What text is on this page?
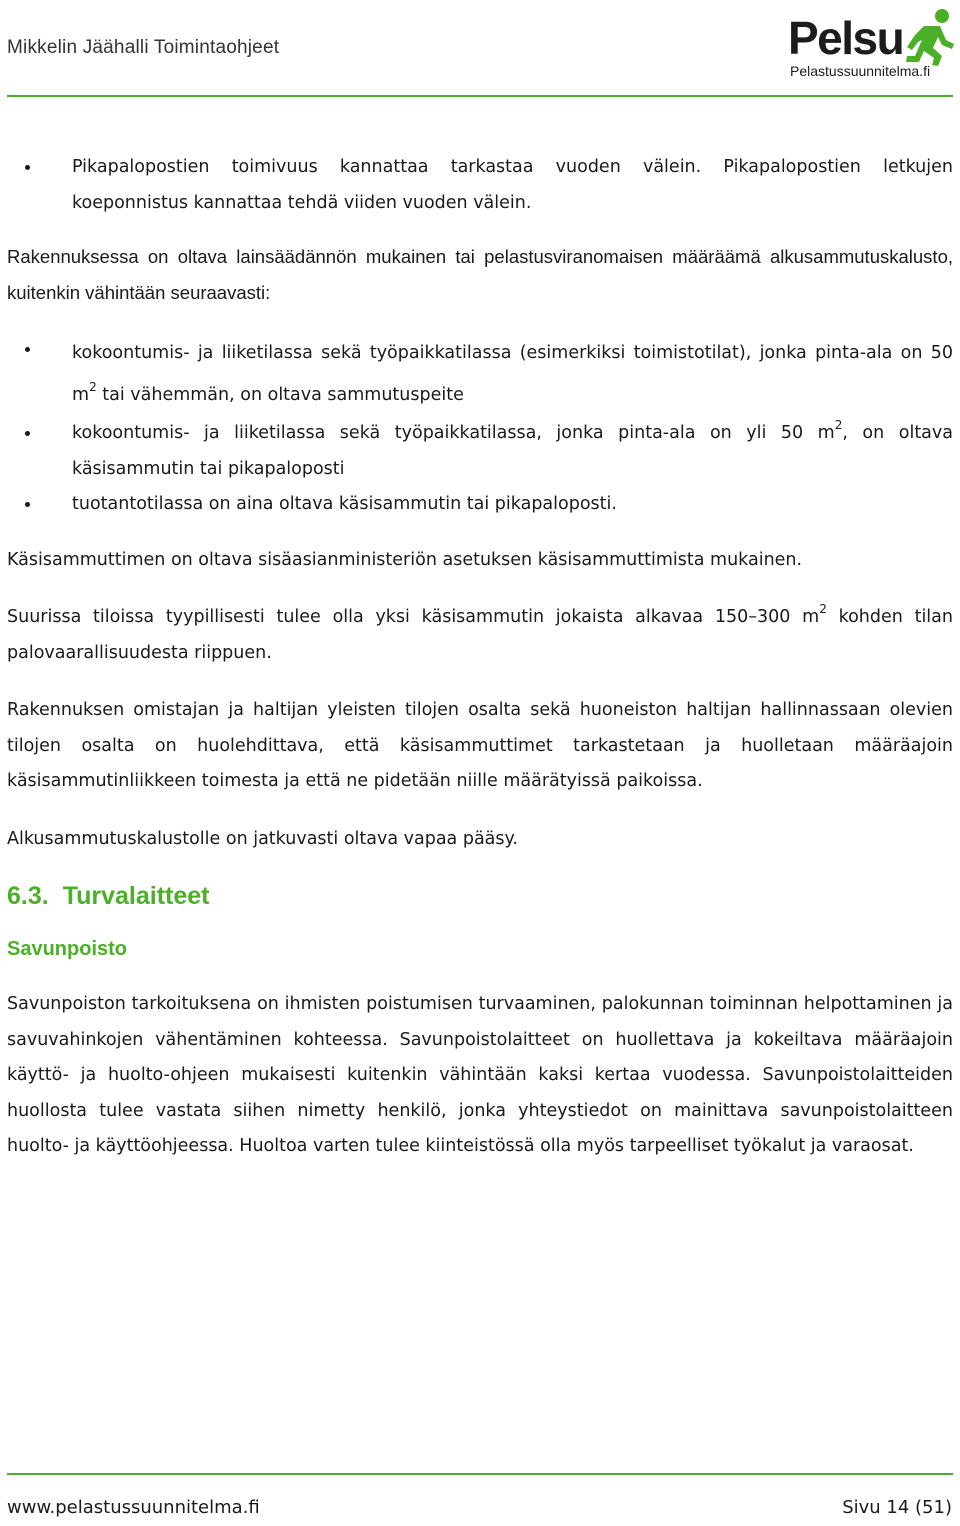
Mikkelin Jäähalli Toimintaohjeet	Pelsu
Pelastussuunnitelma.fi
Pikapalopostien toimivuus kannattaa tarkastaa vuoden välein. Pikapalopostien letkujen koeponnistus kannattaa tehdä viiden vuoden välein.

Rakennuksessa on oltava lainsäädännön mukainen tai pelastusviranomaisen määräämä alkusammutuskalusto, kuitenkin vähintään seuraavasti:

kokoontumis- ja liiketilassa sekä työpaikkatilassa (esimerkiksi toimistotilat), jonka pinta-ala on 50 $m^2$ tai vähemmän, on oltava sammutuspeite
kokoontumis- ja liiketilassa sekä työpaikkatilassa, jonka pinta-ala on yli 50 $m^2$, on oltava käsisammutin tai pikapaloposti
tuotantotilassa on aina oltava käsisammutin tai pikapaloposti.

Käsisammuttimen on oltava sisäasianministeriön asetuksen käsisammuttimista mukainen.

Suurissa tiloissa tyypillisesti tulee olla yksi käsisammutin jokaista alkavaa 150–300 $m^2$ kohden tilan palovaarallisuudesta riippuen.

Rakennuksen omistajan ja haltijan yleisten tilojen osalta sekä huoneiston haltijan hallinnassaan olevien tilojen osalta on huolehdittava, että käsisammuttimet tarkastetaan ja huolletaan määräajoin käsisammutinliikkeen toimesta ja että ne pidetään niille määrätyissä paikoissa.

Alkusammutuskalustolle on jatkuvasti oltava vapaa pääsy.

6.3. Turvalaitteet
Savunpoisto

Savunpoiston tarkoituksena on ihmisten poistumisen turvaaminen, palokunnan toiminnan helpottaminen ja savuvahinkojen vähentäminen kohteessa. Savunpoistolaitteet on huollettava ja kokeiltava määräajoin käyttö- ja huolto-ohjeen mukaisesti kuitenkin vähintään kaksi kertaa vuodessa. Savunpoistolaitteiden huollosta tulee vastata siihen nimetty henkilö, jonka yhteystiedot on mainittava savunpoistolaitteen huolto- ja käyttöohjeessa. Huoltoa varten tulee kiinteistössä olla myös tarpeelliset työkalut ja varaosat.

www.pelastussuunnitelma.fi	Sivu 14 (51)
